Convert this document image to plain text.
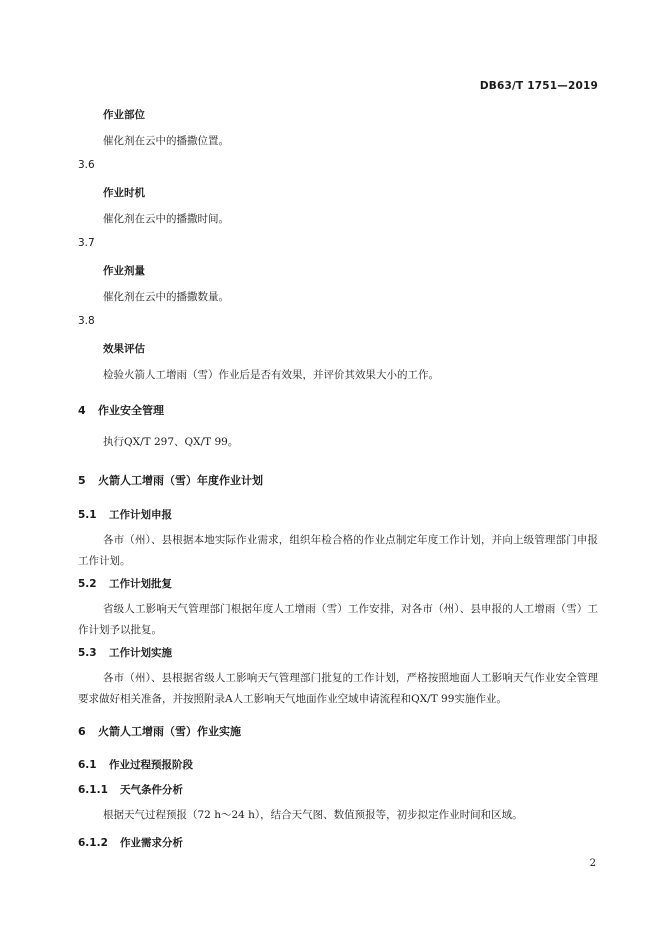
DB63/T 1751—2019
作业部位
催化剂在云中的播撒位置。
3.6
作业时机
催化剂在云中的播撒时间。
3.7
作业剂量
催化剂在云中的播撒数量。
3.8
效果评估
检验火箭人工增雨（雪）作业后是否有效果，并评价其效果大小的工作。
4 作业安全管理
执行QX/T 297、QX/T 99。
5 火箭人工增雨（雪）年度作业计划
5.1 工作计划申报
各市（州）、县根据本地实际作业需求，组织年检合格的作业点制定年度工作计划，并向上级管理部门申报工作计划。
5.2 工作计划批复
省级人工影响天气管理部门根据年度人工增雨（雪）工作安排，对各市（州）、县申报的人工增雨（雪）工作计划予以批复。
5.3 工作计划实施
各市（州）、县根据省级人工影响天气管理部门批复的工作计划，严格按照地面人工影响天气作业安全管理要求做好相关准备，并按照附录A人工影响天气地面作业空域申请流程和QX/T 99实施作业。
6 火箭人工增雨（雪）作业实施
6.1 作业过程预报阶段
6.1.1 天气条件分析
根据天气过程预报（72 h～24 h），结合天气图、数值预报等，初步拟定作业时间和区域。
6.1.2 作业需求分析
2
